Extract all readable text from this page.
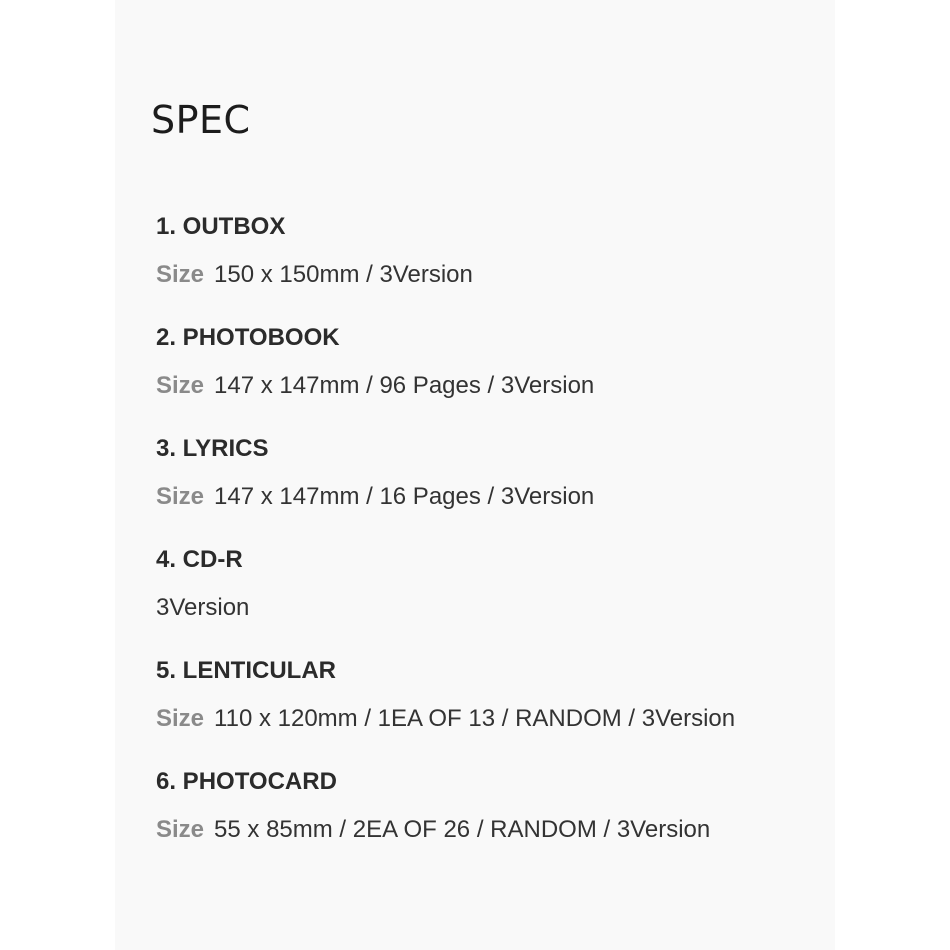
SPEC
1. OUTBOX
Size 150 x 150mm / 3Version
2. PHOTOBOOK
Size 147 x 147mm / 96 Pages / 3Version
3. LYRICS
Size 147 x 147mm / 16 Pages / 3Version
4. CD-R
3Version
5. LENTICULAR
Size 110 x 120mm / 1EA OF 13 / RANDOM / 3Version
6. PHOTOCARD
Size 55 x 85mm / 2EA OF 26 / RANDOM / 3Version
